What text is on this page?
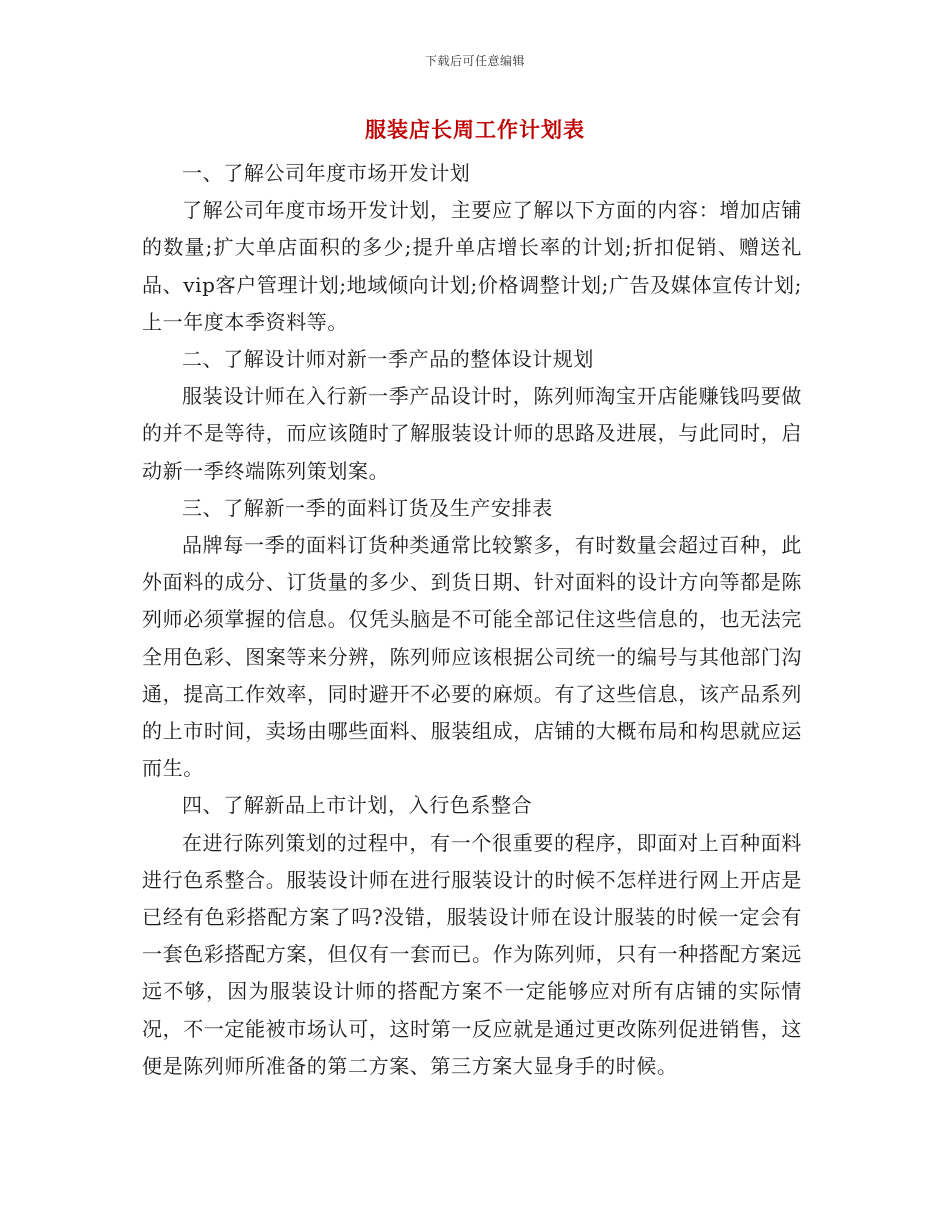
下载后可任意编辑
服装店长周工作计划表

一、了解公司年度市场开发计划

了解公司年度市场开发计划，主要应了解以下方面的内容：增加店铺的数量;扩大单店面积的多少;提升单店增长率的计划;折扣促销、赠送礼品、vip客户管理计划;地域倾向计划;价格调整计划;广告及媒体宣传计划;上一年度本季资料等。

二、了解设计师对新一季产品的整体设计规划

服装设计师在入行新一季产品设计时，陈列师淘宝开店能赚钱吗要做的并不是等待，而应该随时了解服装设计师的思路及进展，与此同时，启动新一季终端陈列策划案。

三、了解新一季的面料订货及生产安排表

品牌每一季的面料订货种类通常比较繁多，有时数量会超过百种，此外面料的成分、订货量的多少、到货日期、针对面料的设计方向等都是陈列师必须掌握的信息。仅凭头脑是不可能全部记住这些信息的，也无法完全用色彩、图案等来分辨，陈列师应该根据公司统一的编号与其他部门沟通，提高工作效率，同时避开不必要的麻烦。有了这些信息，该产品系列的上市时间，卖场由哪些面料、服装组成，店铺的大概布局和构思就应运而生。

四、了解新品上市计划，入行色系整合

在进行陈列策划的过程中，有一个很重要的程序，即面对上百种面料进行色系整合。服装设计师在进行服装设计的时候不怎样进行网上开店是已经有色彩搭配方案了吗?没错，服装设计师在设计服装的时候一定会有一套色彩搭配方案，但仅有一套而已。作为陈列师，只有一种搭配方案远远不够，因为服装设计师的搭配方案不一定能够应对所有店铺的实际情况，不一定能被市场认可，这时第一反应就是通过更改陈列促进销售，这便是陈列师所准备的第二方案、第三方案大显身手的时候。
